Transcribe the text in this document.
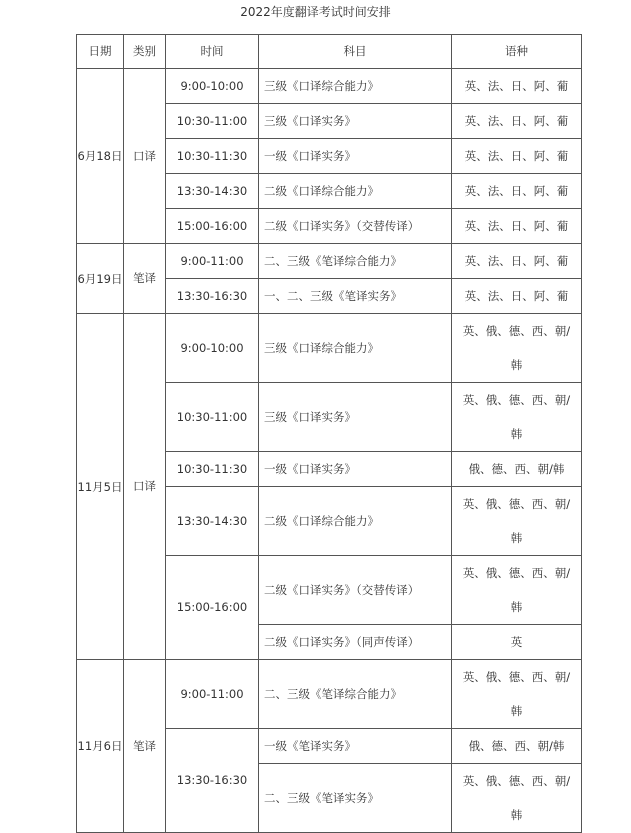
2022年度翻译考试时间安排
日期	类别	时间	科目	语种
6月18日	口译	9:00-10:00	三级《口译综合能力》	英、法、日、阿、葡
		10:30-11:00	三级《口译实务》	英、法、日、阿、葡
		10:30-11:30	一级《口译实务》	英、法、日、阿、葡
		13:30-14:30	二级《口译综合能力》	英、法、日、阿、葡
		15:00-16:00	二级《口译实务》（交替传译）	英、法、日、阿、葡
6月19日	笔译	9:00-11:00	二、三级《笔译综合能力》	英、法、日、阿、葡
		13:30-16:30	一、二、三级《笔译实务》	英、法、日、阿、葡
11月5日	口译	9:00-10:00	三级《口译综合能力》	英、俄、德、西、朝/韩
		10:30-11:00	三级《口译实务》	英、俄、德、西、朝/韩
		10:30-11:30	一级《口译实务》	俄、德、西、朝/韩
		13:30-14:30	二级《口译综合能力》	英、俄、德、西、朝/韩
		15:00-16:00	二级《口译实务》（交替传译）	英、俄、德、西、朝/韩
			二级《口译实务》（同声传译）	英
11月6日	笔译	9:00-11:00	二、三级《笔译综合能力》	英、俄、德、西、朝/韩
		13:30-16:30	一级《笔译实务》	俄、德、西、朝/韩
			二、三级《笔译实务》	英、俄、德、西、朝/韩
